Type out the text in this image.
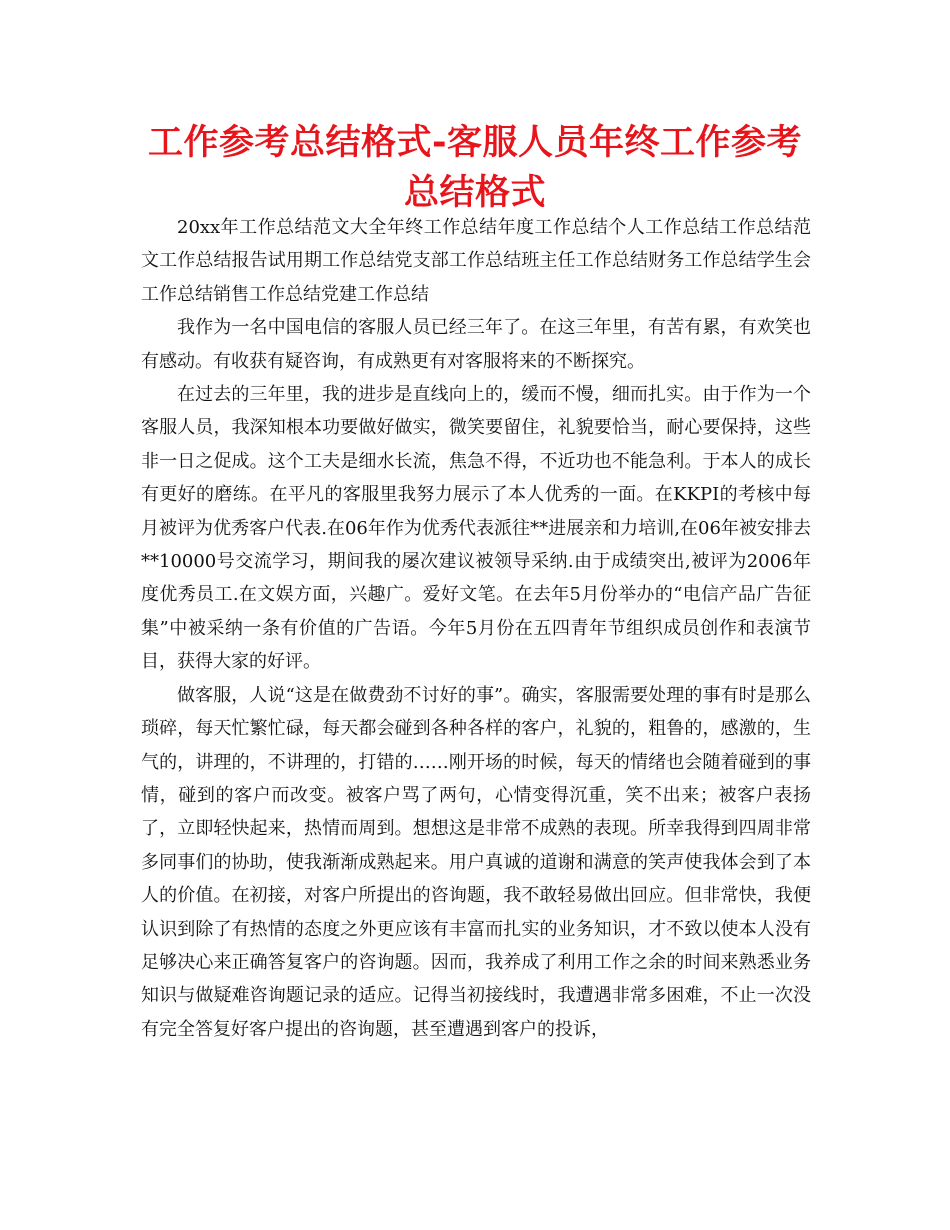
工作参考总结格式-客服人员年终工作参考总结格式

20xx年工作总结范文大全年终工作总结年度工作总结个人工作总结工作总结范文工作总结报告试用期工作总结党支部工作总结班主任工作总结财务工作总结学生会工作总结销售工作总结党建工作总结

我作为一名中国电信的客服人员已经三年了。在这三年里，有苦有累，有欢笑也有感动。有收获有疑咨询，有成熟更有对客服将来的不断探究。

在过去的三年里，我的进步是直线向上的，缓而不慢，细而扎实。由于作为一个客服人员，我深知根本功要做好做实，微笑要留住，礼貌要恰当，耐心要保持，这些非一日之促成。这个工夫是细水长流，焦急不得，不近功也不能急利。于本人的成长有更好的磨练。在平凡的客服里我努力展示了本人优秀的一面。在KKPI的考核中每月被评为优秀客户代表.在06年作为优秀代表派往**进展亲和力培训,在06年被安排去**10000号交流学习，期间我的屡次建议被领导采纳.由于成绩突出,被评为2006年度优秀员工.在文娱方面，兴趣广。爱好文笔。在去年5月份举办的“电信产品广告征集”中被采纳一条有价值的广告语。今年5月份在五四青年节组织成员创作和表演节目，获得大家的好评。

做客服，人说“这是在做费劲不讨好的事”。确实，客服需要处理的事有时是那么琐碎，每天忙繁忙碌，每天都会碰到各种各样的客户，礼貌的，粗鲁的，感激的，生气的，讲理的，不讲理的，打错的……刚开场的时候，每天的情绪也会随着碰到的事情，碰到的客户而改变。被客户骂了两句，心情变得沉重，笑不出来；被客户表扬了，立即轻快起来，热情而周到。想想这是非常不成熟的表现。所幸我得到四周非常多同事们的协助，使我渐渐成熟起来。用户真诚的道谢和满意的笑声使我体会到了本人的价值。在初接，对客户所提出的咨询题，我不敢轻易做出回应。但非常快，我便认识到除了有热情的态度之外更应该有丰富而扎实的业务知识，才不致以使本人没有足够决心来正确答复客户的咨询题。因而，我养成了利用工作之余的时间来熟悉业务知识与做疑难咨询题记录的适应。记得当初接线时，我遭遇非常多困难，不止一次没有完全答复好客户提出的咨询题，甚至遭遇到客户的投诉，
